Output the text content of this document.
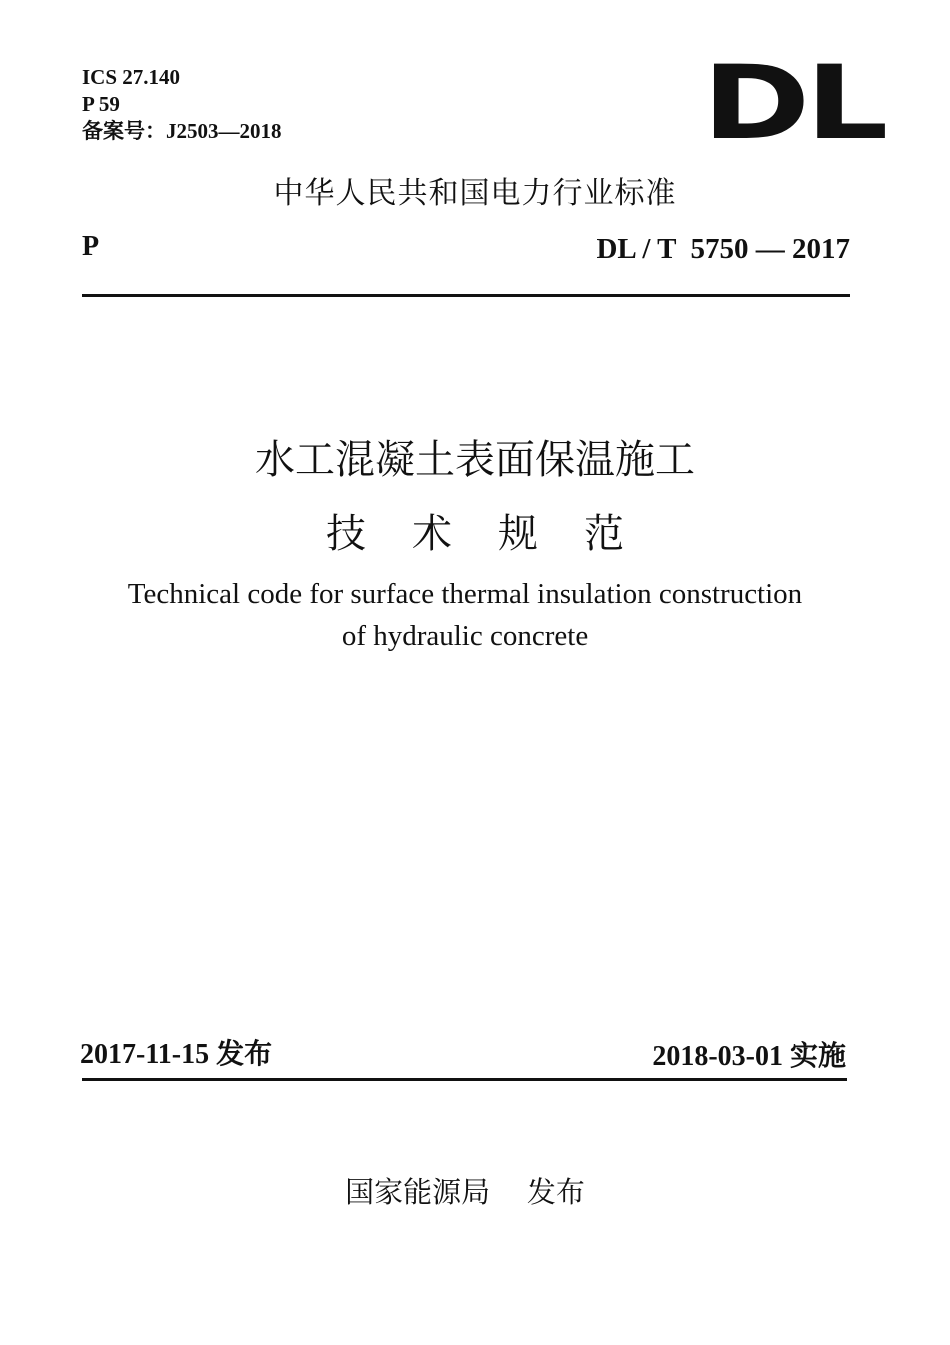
ICS 27.140
P 59
备案号：J2503—2018	DL
中华人民共和国电力行业标准
P	DL / T  5750 — 2017
水工混凝土表面保温施工
技术规范
Technical code for surface thermal insulation construction
of hydraulic concrete
2017-11-15 发布	2018-03-01 实施
国家能源局    发布
